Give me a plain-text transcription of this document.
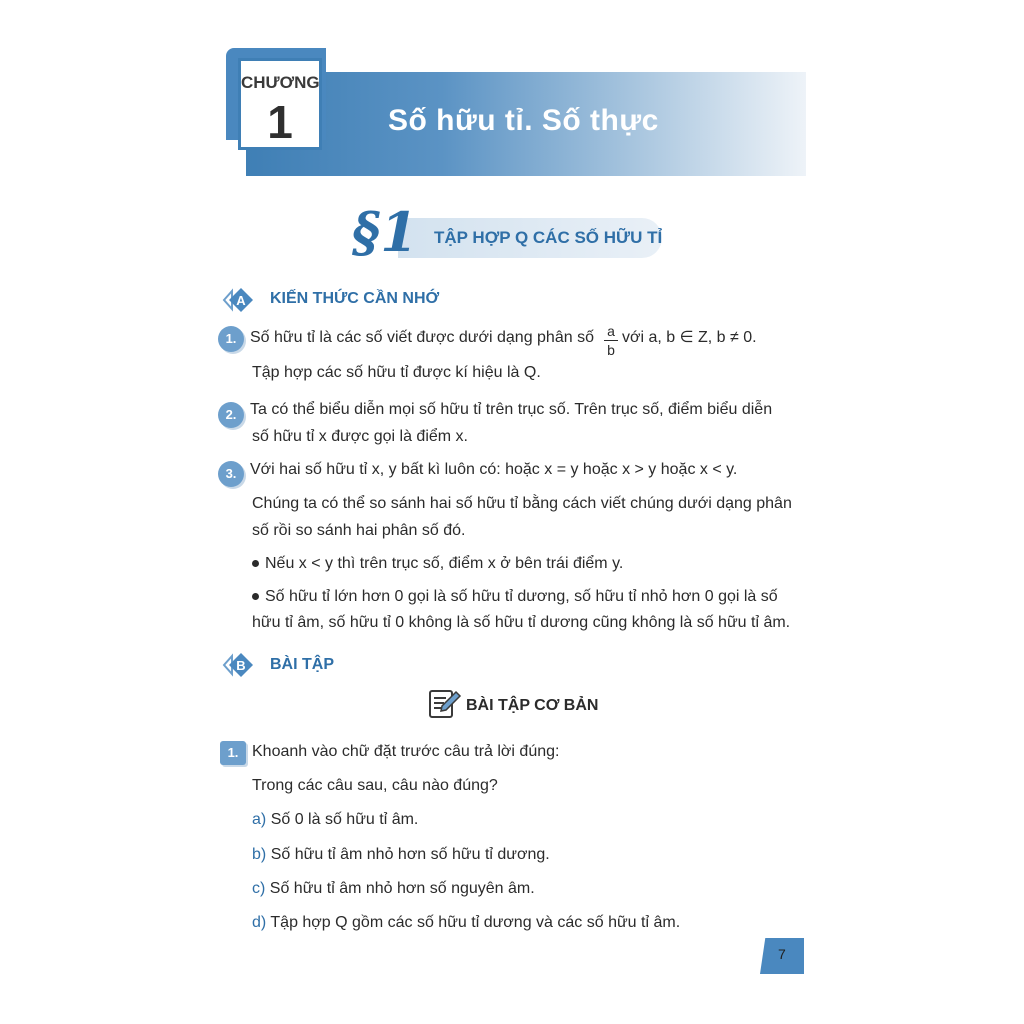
Số hữu tỉ. Số thực
CHƯƠNG
1
§1 TẬP HỢP Q CÁC SỐ HỮU TỈ
A KIẾN THỨC CẦN NHỚ
1. Số hữu tỉ là các số viết được dưới dạng phân số a
b
với a, b ∈ Z, b ≠ 0.
Tập hợp các số hữu tỉ được kí hiệu là Q.
2. Ta có thể biểu diễn mọi số hữu tỉ trên trục số. Trên trục số, điểm biểu diễn
số hữu tỉ x được gọi là điểm x.
3. Với hai số hữu tỉ x, y bất kì luôn có: hoặc x = y hoặc x > y hoặc x < y.
Chúng ta có thể so sánh hai số hữu tỉ bằng cách viết chúng dưới dạng phân
số rồi so sánh hai phân số đó.
Nếu x < y thì trên trục số, điểm x ở bên trái điểm y.
Số hữu tỉ lớn hơn 0 gọi là số hữu tỉ dương, số hữu tỉ nhỏ hơn 0 gọi là số
hữu tỉ âm, số hữu tỉ 0 không là số hữu tỉ dương cũng không là số hữu tỉ âm.
B BÀI TẬP
BÀI TẬP CƠ BẢN
1. Khoanh vào chữ đặt trước câu trả lời đúng:
Trong các câu sau, câu nào đúng?
a) Số 0 là số hữu tỉ âm.
b) Số hữu tỉ âm nhỏ hơn số hữu tỉ dương.
c) Số hữu tỉ âm nhỏ hơn số nguyên âm.
d) Tập hợp Q gồm các số hữu tỉ dương và các số hữu tỉ âm.
7
